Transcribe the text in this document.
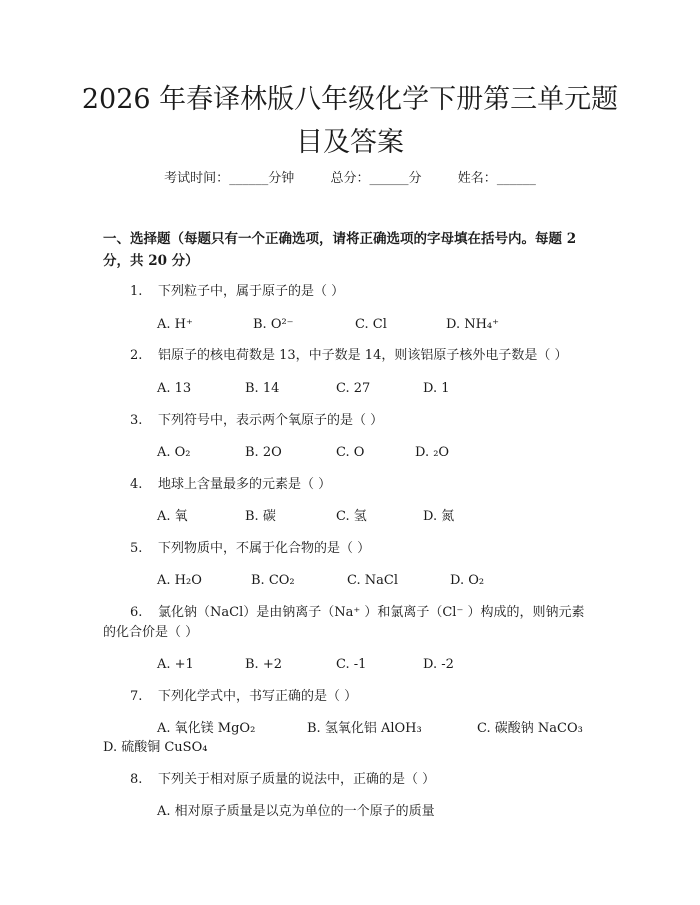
2026 年春译林版八年级化学下册第三单元题
目及答案
考试时间：______分钟	总分：______分	姓名：______
一、选择题（每题只有一个正确选项，请将正确选项的字母填在括号内。每题 2 分，共 20 分）
1. 下列粒子中，属于原子的是（ ）
A. H⁺	B. O²⁻	C. Cl	D. NH₄⁺
2. 铝原子的核电荷数是 13，中子数是 14，则该铝原子核外电子数是（ ）
A. 13	B. 14	C. 27	D. 1
3. 下列符号中，表示两个氧原子的是（ ）
A. O₂	B. 2O	C. O	D. ₂O
4. 地球上含量最多的元素是（ ）
A. 氧	B. 碳	C. 氢	D. 氮
5. 下列物质中，不属于化合物的是（ ）
A. H₂O	B. CO₂	C. NaCl	D. O₂
6. 氯化钠（NaCl）是由钠离子（Na⁺ ）和氯离子（Cl⁻ ）构成的，则钠元素
的化合价是（ ）
A. +1	B. +2	C. -1	D. -2
7. 下列化学式中，书写正确的是（ ）
A. 氧化镁 MgO₂	B. 氢氧化铝 AlOH₃	C. 碳酸钠 NaCO₃
D. 硫酸铜 CuSO₄
8. 下列关于相对原子质量的说法中，正确的是（ ）
A. 相对原子质量是以克为单位的一个原子的质量
